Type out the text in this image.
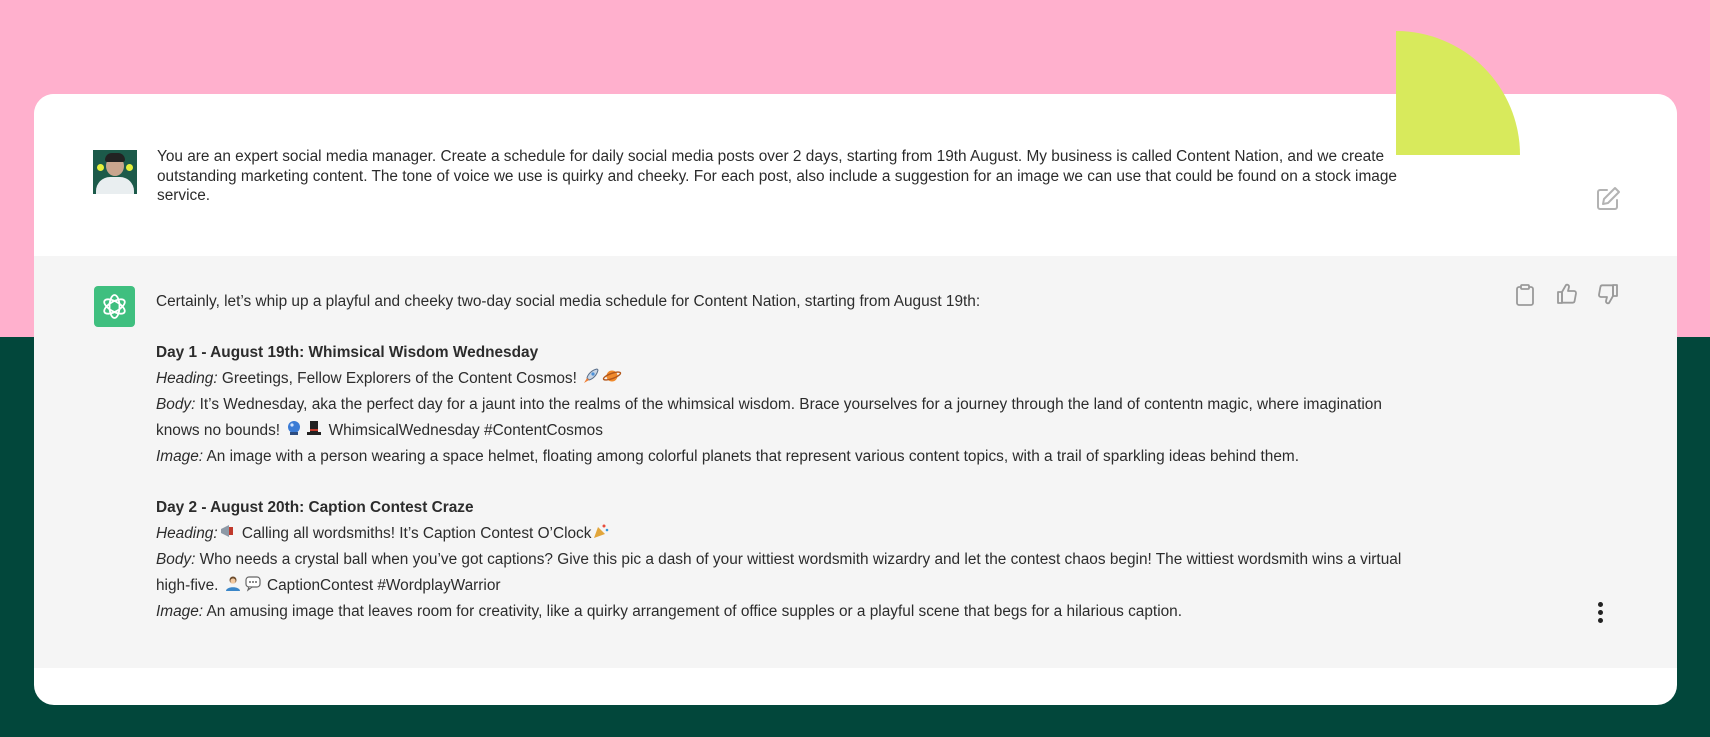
You are an expert social media manager. Create a schedule for daily social media posts over 2 days, starting from 19th August. My business is called Content Nation, and we create outstanding marketing content. The tone of voice we use is quirky and cheeky. For each post, also include a suggestion for an image we can use that could be found on a stock image service.

Certainly, let’s whip up a playful and cheeky two-day social media schedule for Content Nation, starting from August 19th:

Day 1 - August 19th: Whimsical Wisdom Wednesday

Heading: Greetings, Fellow Explorers of the Content Cosmos!

Body: It’s Wednesday, aka the perfect day for a jaunt into the realms of the whimsical wisdom. Brace yourselves for a journey through the land of contentn magic, where imagination knows no bounds!	WhimsicalWednesday #ContentCosmos

Image: An image with a person wearing a space helmet, floating among colorful planets that represent various content topics, with a trail of sparkling ideas behind them.

Day 2 - August 20th: Caption Contest Craze

Heading: Calling all wordsmiths! It’s Caption Contest O’Clock

Body: Who needs a crystal ball when you’ve got captions? Give this pic a dash of your wittiest wordsmith wizardry and let the contest chaos begin! The wittiest wordsmith wins a virtual high-five.	CaptionContest #WordplayWarrior

Image: An amusing image that leaves room for creativity, like a quirky arrangement of office supples or a playful scene that begs for a hilarious caption.
